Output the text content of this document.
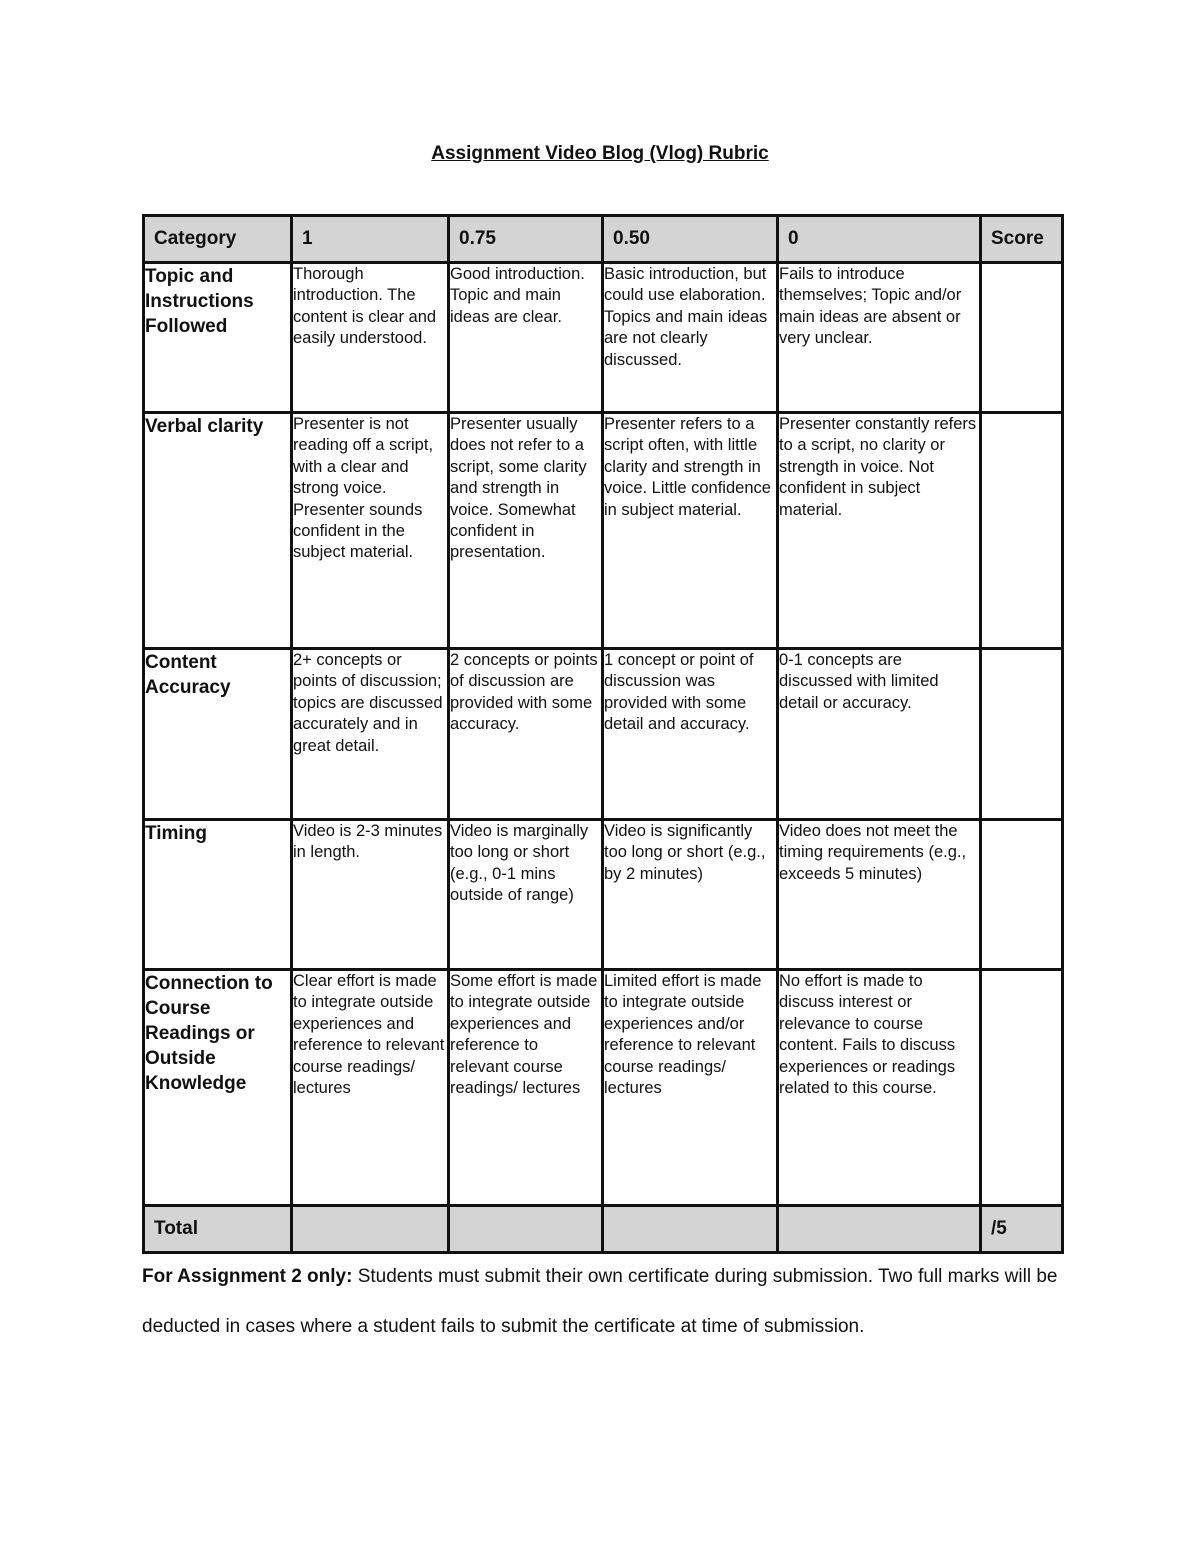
Assignment Video Blog (Vlog) Rubric
Category	1	0.75	0.50	0	Score
Topic and Instructions Followed	Thorough introduction. The content is clear and easily understood.	Good introduction. Topic and main ideas are clear.	Basic introduction, but could use elaboration. Topics and main ideas are not clearly discussed.	Fails to introduce themselves; Topic and/or main ideas are absent or very unclear.	
Verbal clarity	Presenter is not reading off a script, with a clear and strong voice. Presenter sounds confident in the subject material.	Presenter usually does not refer to a script, some clarity and strength in voice. Somewhat confident in presentation.	Presenter refers to a script often, with little clarity and strength in voice. Little confidence in subject material.	Presenter constantly refers to a script, no clarity or strength in voice. Not confident in subject material.	
Content Accuracy	2+ concepts or points of discussion; topics are discussed accurately and in great detail.	2 concepts or points of discussion are provided with some accuracy.	1 concept or point of discussion was provided with some detail and accuracy.	0-1 concepts are discussed with limited detail or accuracy.	
Timing	Video is 2-3 minutes in length.	Video is marginally too long or short (e.g., 0-1 mins outside of range)	Video is significantly too long or short (e.g., by 2 minutes)	Video does not meet the timing requirements (e.g., exceeds 5 minutes)	
Connection to Course Readings or Outside Knowledge	Clear effort is made to integrate outside experiences and reference to relevant course readings/ lectures	Some effort is made to integrate outside experiences and reference to relevant course readings/ lectures	Limited effort is made to integrate outside experiences and/or reference to relevant course readings/ lectures	No effort is made to discuss interest or relevance to course content. Fails to discuss experiences or readings related to this course.	
Total					/5

For Assignment 2 only: Students must submit their own certificate during submission. Two full marks will be deducted in cases where a student fails to submit the certificate at time of submission.
